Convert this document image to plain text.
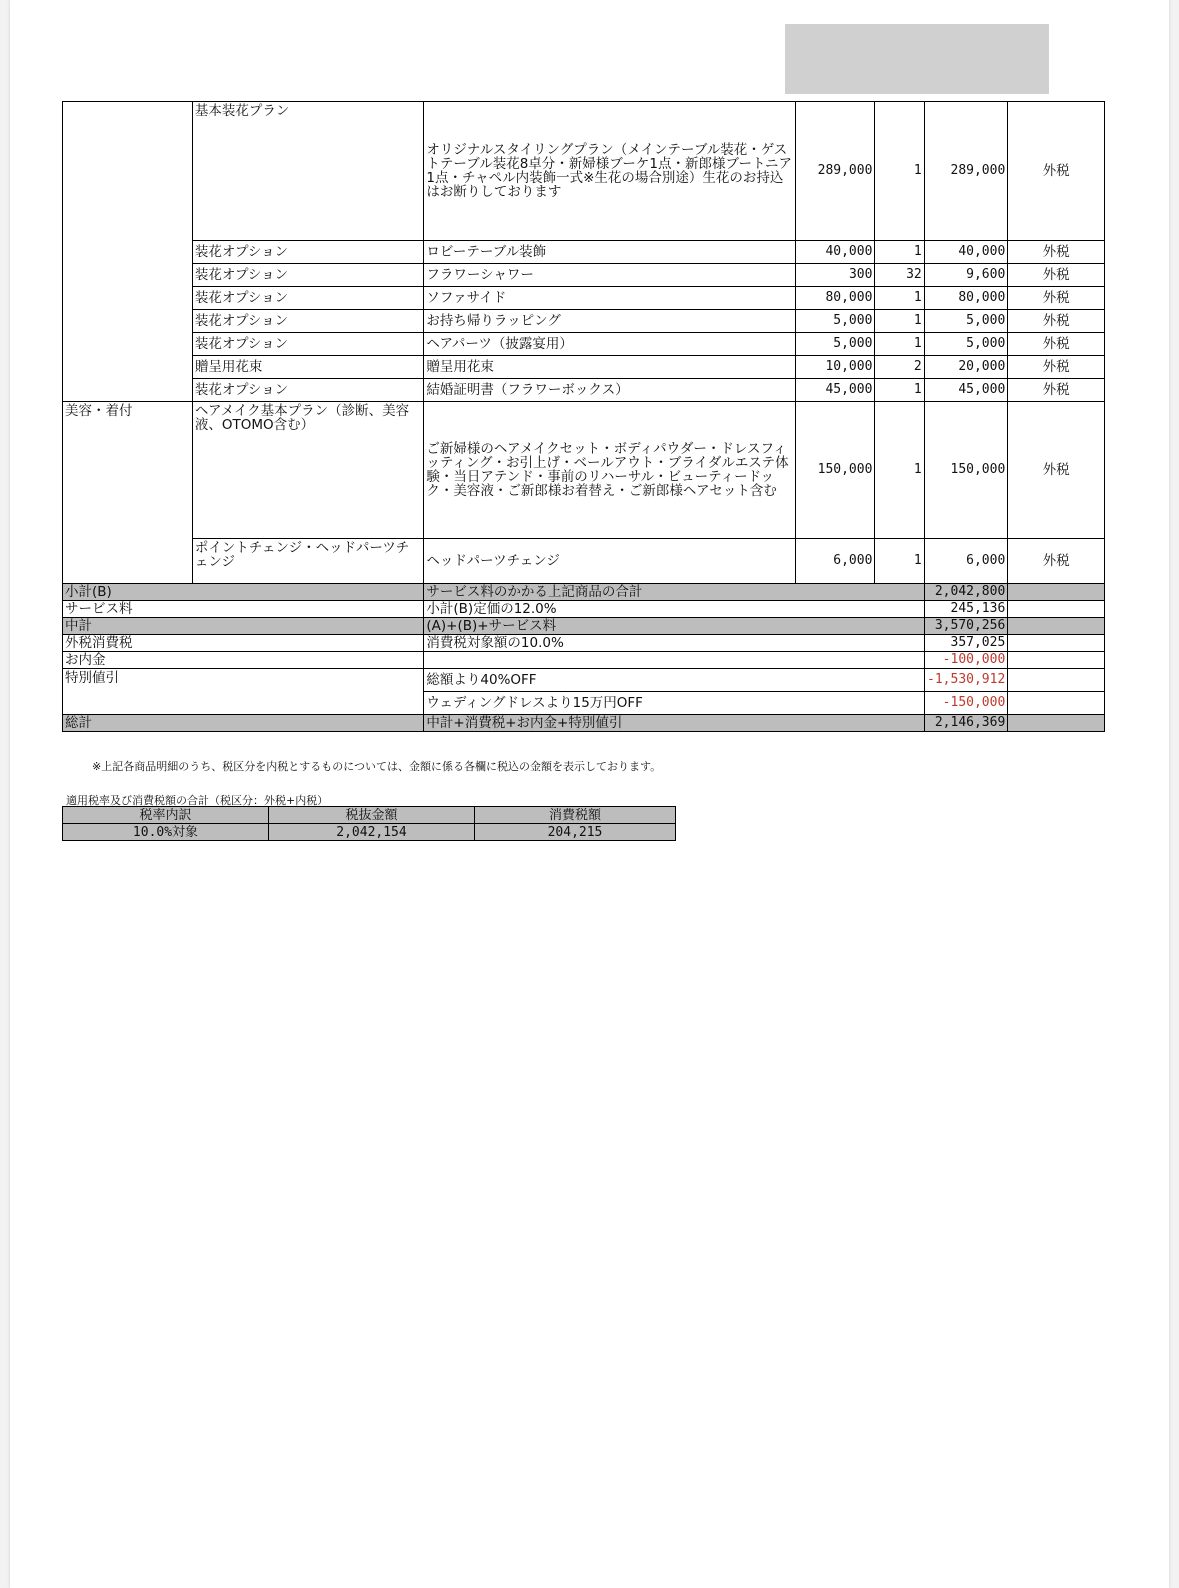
	基本装花プラン	オリジナルスタイリングプラン（メインテーブル装花・ゲストテーブル装花8卓分・新婦様ブーケ1点・新郎様ブートニア1点・チャペル内装飾一式※生花の場合別途）生花のお持込はお断りしております	289,000	1	289,000	外税
	装花オプション	ロビーテーブル装飾	40,000	1	40,000	外税
	装花オプション	フラワーシャワー	300	32	9,600	外税
	装花オプション	ソファサイド	80,000	1	80,000	外税
	装花オプション	お持ち帰りラッピング	5,000	1	5,000	外税
	装花オプション	ヘアパーツ（披露宴用）	5,000	1	5,000	外税
	贈呈用花束	贈呈用花束	10,000	2	20,000	外税
	装花オプション	結婚証明書（フラワーボックス）	45,000	1	45,000	外税
美容・着付	ヘアメイク基本プラン（診断、美容液、OTOMO含む）	ご新婦様のヘアメイクセット・ボディパウダー・ドレスフィッティング・お引上げ・ベールアウト・ブライダルエステ体験・当日アテンド・事前のリハーサル・ビューティードック・美容液・ご新郎様お着替え・ご新郎様ヘアセット含む	150,000	1	150,000	外税
	ポイントチェンジ・ヘッドパーツチェンジ	ヘッドパーツチェンジ	6,000	1	6,000	外税
小計(B)		サービス料のかかる上記商品の合計			2,042,800	
サービス料		小計(B)定価の12.0%			245,136	
中計		(A)+(B)+サービス料			3,570,256	
外税消費税		消費税対象額の10.0%			357,025	
お内金					-100,000	
特別値引		総額より40%OFF			-1,530,912	
		ウェディングドレスより15万円OFF			-150,000	
総計		中計+消費税+お内金+特別値引			2,146,369	
※上記各商品明細のうち、税区分を内税とするものについては、金額に係る各欄に税込の金額を表示しております。
適用税率及び消費税額の合計（税区分：外税+内税）
税率内訳	税抜金額	消費税額
10.0%対象	2,042,154	204,215
